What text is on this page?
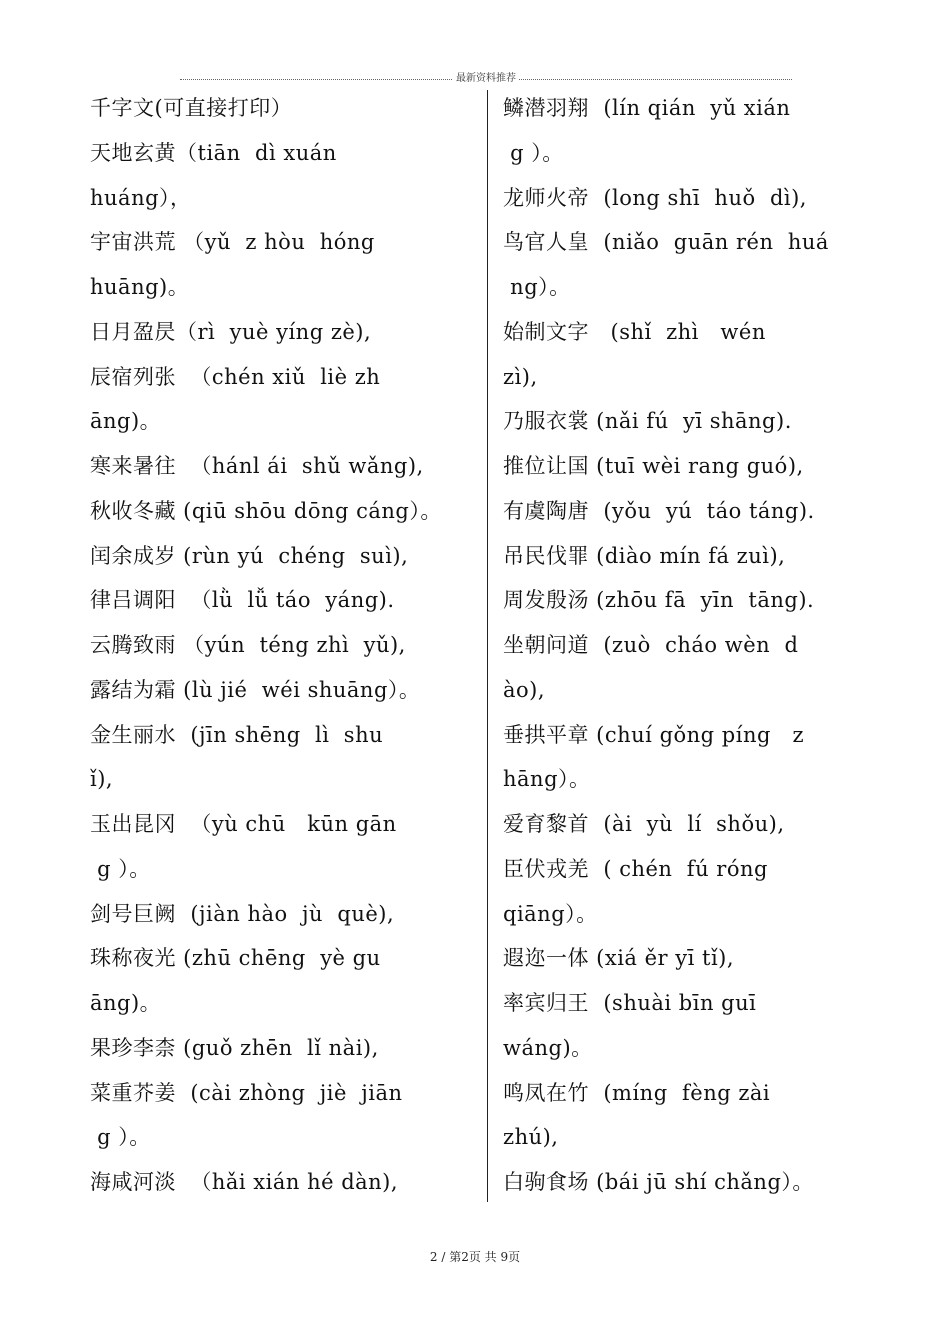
最新资料推荐
千字文(可直接打印）
天地玄黄（tiān  dì xuán
huáng），
宇宙洪荒 （yǔ  z hòu  hóng
huāng)。
日月盈昃（rì  yuè yíng zè),
辰宿列张  （chén xiǔ  liè zh
āng)。
寒来暑往  （hánl ái  shǔ wǎng),
秋收冬藏 (qiū shōu dōng cáng）。
闰余成岁 (rùn yú  chéng  suì),
律吕调阳  （lǜ  lǚ táo  yáng).
云腾致雨 （yún  téng zhì  yǔ),
露结为霜 (lù jié  wéi shuāng）。
金生丽水  (jīn shēng  lì  shu
ǐ),
玉出昆冈  （yù chū   kūn gān
g ）。
剑号巨阙  (jiàn hào  jù  què),
珠称夜光 (zhū chēng  yè gu
āng)。
果珍李柰 (guǒ zhēn  lǐ nài),
菜重芥姜  (cài zhòng  jiè  jiān
g ）。
海咸河淡  （hǎi xián hé dàn),
鳞潜羽翔  (lín qián  yǔ xián
g ）。
龙师火帝  (long shī  huǒ  dì),
鸟官人皇  (niǎo  guān rén  huá
ng）。
始制文字   (shǐ  zhì   wén
zì),
乃服衣裳 (nǎi fú  yī shāng).
推位让国 (tuī wèi rang guó),
有虞陶唐  (yǒu  yú  táo táng).
吊民伐罪 (diào mín fá zuì),
周发殷汤 (zhōu fā  yīn  tāng).
坐朝问道  (zuò  cháo wèn  d
ào),
垂拱平章 (chuí gǒng píng   z
hāng）。
爱育黎首  (ài  yù  lí  shǒu),
臣伏戎羌  ( chén  fú róng
qiāng）。
遐迩一体 (xiá ěr yī tǐ),
率宾归王  (shuài bīn guī
wáng)。
鸣凤在竹  (míng  fèng zài
zhú),
白驹食场 (bái jū shí chǎng）。
2 / 第2页 共 9页
